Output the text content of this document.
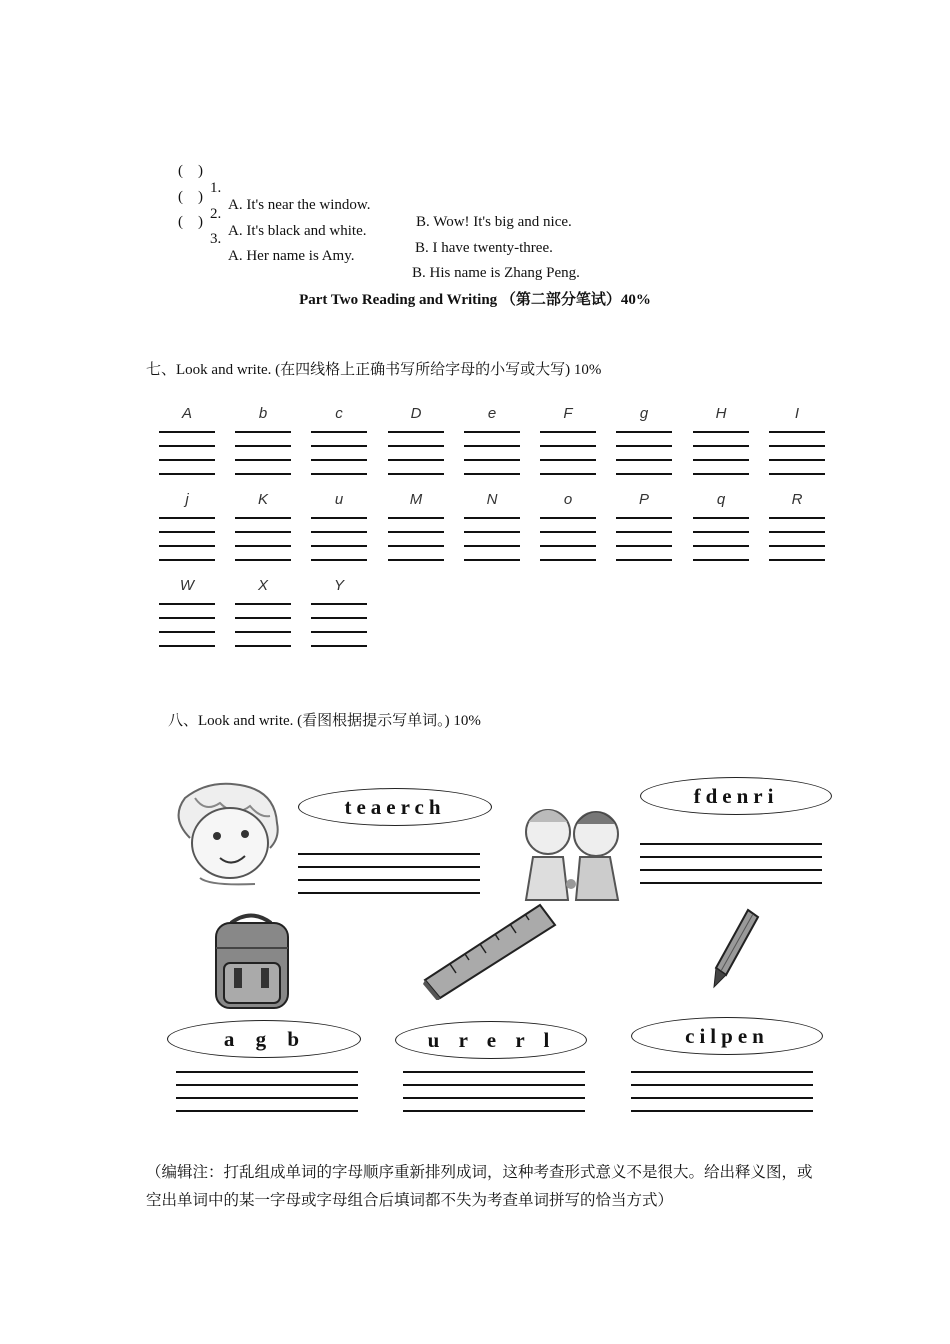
(    )

1.

A. It's near the window.

B. Wow! It's big and nice.

(    )

2.

A. It's black and white.

B. I have twenty-three.

(    )

3.

A. Her name is Amy.

B. His name is Zhang Peng.

Part Two Reading and Writing （第二部分笔试）40%
七、Look and write. (在四线格上正确书写所给字母的小写或大写) 10%
A	b	c	D	e	F	g	H	I
j	K	u	M	N	o	P	q	R
W	X	Y
八、Look and write. (看图根据提示写单词。) 10%
teaerch	fdenri
a g b	u r e r l	cilpen
（编辑注：打乱组成单词的字母顺序重新排列成词，这种考查形式意义不是很大。给出释义图，或空出单词中的某一字母或字母组合后填词都不失为考查单词拼写的恰当方式）
